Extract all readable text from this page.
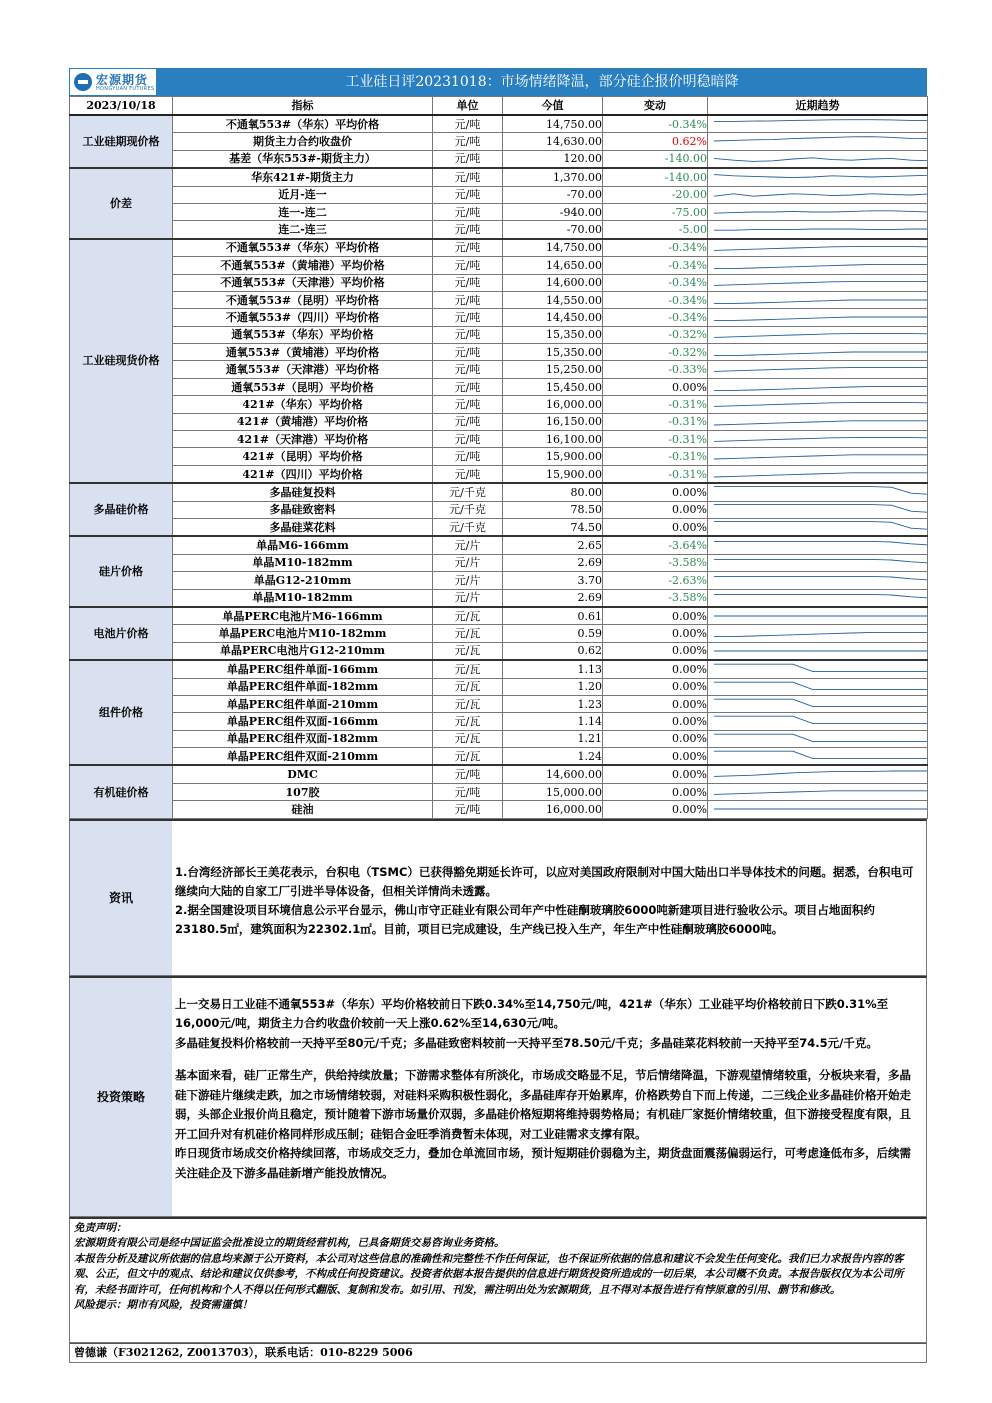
宏源期货
HONGYUAN FUTURES	工业硅日评20231018：市场情绪降温，部分硅企报价明稳暗降
2023/10/18	指标	单位	今值	变动	近期趋势
工业硅期现价格	不通氧553#（华东）平均价格	元/吨	14,750.00	-0.34%	

	期货主力合约收盘价	元/吨	14,630.00	0.62%	

	基差（华东553#-期货主力）	元/吨	120.00	-140.00	

价差	华东421#-期货主力	元/吨	1,370.00	-140.00	

	近月-连一	元/吨	-70.00	-20.00	

	连一-连二	元/吨	-940.00	-75.00	

	连二-连三	元/吨	-70.00	-5.00	

工业硅现货价格	不通氧553#（华东）平均价格	元/吨	14,750.00	-0.34%	

	不通氧553#（黄埔港）平均价格	元/吨	14,650.00	-0.34%	

	不通氧553#（天津港）平均价格	元/吨	14,600.00	-0.34%	

	不通氧553#（昆明）平均价格	元/吨	14,550.00	-0.34%	

	不通氧553#（四川）平均价格	元/吨	14,450.00	-0.34%	

	通氧553#（华东）平均价格	元/吨	15,350.00	-0.32%	

	通氧553#（黄埔港）平均价格	元/吨	15,350.00	-0.32%	

	通氧553#（天津港）平均价格	元/吨	15,250.00	-0.33%	

	通氧553#（昆明）平均价格	元/吨	15,450.00	0.00%	

	421#（华东）平均价格	元/吨	16,000.00	-0.31%	

	421#（黄埔港）平均价格	元/吨	16,150.00	-0.31%	

	421#（天津港）平均价格	元/吨	16,100.00	-0.31%	

	421#（昆明）平均价格	元/吨	15,900.00	-0.31%	

	421#（四川）平均价格	元/吨	15,900.00	-0.31%	

多晶硅价格	多晶硅复投料	元/千克	80.00	0.00%	

	多晶硅致密料	元/千克	78.50	0.00%	

	多晶硅菜花料	元/千克	74.50	0.00%	

硅片价格	单晶M6-166mm	元/片	2.65	-3.64%	

	单晶M10-182mm	元/片	2.69	-3.58%	

	单晶G12-210mm	元/片	3.70	-2.63%	

	单晶M10-182mm	元/片	2.69	-3.58%	

电池片价格	单晶PERC电池片M6-166mm	元/瓦	0.61	0.00%	

	单晶PERC电池片M10-182mm	元/瓦	0.59	0.00%	

	单晶PERC电池片G12-210mm	元/瓦	0.62	0.00%	

组件价格	单晶PERC组件单面-166mm	元/瓦	1.13	0.00%	

	单晶PERC组件单面-182mm	元/瓦	1.20	0.00%	

	单晶PERC组件单面-210mm	元/瓦	1.23	0.00%	

	单晶PERC组件双面-166mm	元/瓦	1.14	0.00%	

	单晶PERC组件双面-182mm	元/瓦	1.21	0.00%	

	单晶PERC组件双面-210mm	元/瓦	1.24	0.00%	

有机硅价格	DMC	元/吨	14,600.00	0.00%	

	107胶	元/吨	15,000.00	0.00%	

	硅油	元/吨	16,000.00	0.00%	
资讯
1.台湾经济部长王美花表示，台积电（TSMC）已获得豁免期延长许可，以应对美国政府限制对中国大陆出口半导体技术的问题。据悉，台积电可继续向大陆的自家工厂引进半导体设备，但相关详情尚未透露。
2.据全国建设项目环境信息公示平台显示，佛山市守正硅业有限公司年产中性硅酮玻璃胶6000吨新建项目进行验收公示。项目占地面积约23180.5㎡，建筑面积为22302.1㎡。目前，项目已完成建设，生产线已投入生产，年生产中性硅酮玻璃胶6000吨。
投资策略

上一交易日工业硅不通氧553#（华东）平均价格较前日下跌0.34%至14,750元/吨，421#（华东）工业硅平均价格较前日下跌0.31%至16,000元/吨，期货主力合约收盘价较前一天上涨0.62%至14,630元/吨。

多晶硅复投料价格较前一天持平至80元/千克；多晶硅致密料较前一天持平至78.50元/千克；多晶硅菜花料较前一天持平至74.5元/千克。

基本面来看，硅厂正常生产，供给持续放量；下游需求整体有所淡化，市场成交略显不足，节后情绪降温，下游观望情绪较重，分板块来看，多晶硅下游硅片继续走跌，加之市场情绪较弱，对硅料采购积极性弱化，多晶硅库存开始累库，价格跌势自下而上传递，二三线企业多晶硅价格开始走弱，头部企业报价尚且稳定，预计随着下游市场量价双弱，多晶硅价格短期将维持弱势格局；有机硅厂家挺价情绪较重，但下游接受程度有限，且开工回升对有机硅价格同样形成压制；硅铝合金旺季消费暂未体现，对工业硅需求支撑有限。

昨日现货市场成交价格持续回落，市场成交乏力，叠加仓单流回市场，预计短期硅价弱稳为主，期货盘面震荡偏弱运行，可考虑逢低布多，后续需关注硅企及下游多晶硅新增产能投放情况。

免责声明：

宏源期货有限公司是经中国证监会批准设立的期货经营机构，已具备期货交易咨询业务资格。

本报告分析及建议所依据的信息均来源于公开资料，本公司对这些信息的准确性和完整性不作任何保证，也不保证所依据的信息和建议不会发生任何变化。我们已力求报告内容的客观、公正，但文中的观点、结论和建议仅供参考，不构成任何投资建议。投资者依据本报告提供的信息进行期货投资所造成的一切后果，本公司概不负责。本报告版权仅为本公司所有，未经书面许可，任何机构和个人不得以任何形式翻版、复制和发布。如引用、刊发，需注明出处为宏源期货，且不得对本报告进行有悖原意的引用、删节和修改。

风险提示：期市有风险，投资需谨慎！

曾德谦（F3021262, Z0013703），联系电话：010-8229 5006
